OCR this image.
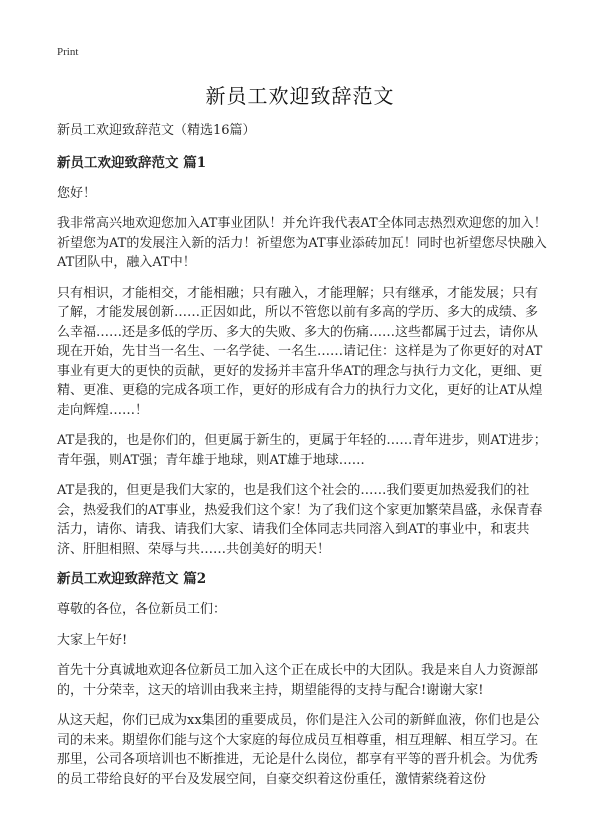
Print
新员工欢迎致辞范文

新员工欢迎致辞范文（精选16篇）

新员工欢迎致辞范文 篇1

您好！

我非常高兴地欢迎您加入AT事业团队！并允许我代表AT全体同志热烈欢迎您的加入！祈望您为AT的发展注入新的活力！祈望您为AT事业添砖加瓦！同时也祈望您尽快融入AT团队中，融入AT中！

只有相识，才能相交，才能相融；只有融入，才能理解；只有继承，才能发展；只有了解，才能发展创新……正因如此，所以不管您以前有多高的学历、多大的成绩、多么幸福……还是多低的学历、多大的失败、多大的伤痛……这些都属于过去，请你从现在开始，先甘当一名生、一名学徒、一名生……请记住：这样是为了你更好的对AT事业有更大的更快的贡献，更好的发扬并丰富升华AT的理念与执行力文化，更细、更精、更准、更稳的完成各项工作，更好的形成有合力的执行力文化，更好的让AT从煌走向辉煌……！

AT是我的，也是你们的，但更属于新生的，更属于年轻的……青年进步，则AT进步；青年强，则AT强；青年雄于地球，则AT雄于地球……

AT是我的，但更是我们大家的，也是我们这个社会的……我们要更加热爱我们的社会，热爱我们的AT事业，热爱我们这个家！为了我们这个家更加繁荣昌盛，永保青春活力，请你、请我、请我们大家、请我们全体同志共同溶入到AT的事业中，和衷共济、肝胆相照、荣辱与共……共创美好的明天！

新员工欢迎致辞范文 篇2

尊敬的各位，各位新员工们：

大家上午好!

首先十分真诚地欢迎各位新员工加入这个正在成长中的大团队。我是来自人力资源部的，十分荣幸，这天的培训由我来主持，期望能得的支持与配合!谢谢大家!

从这天起，你们已成为xx集团的重要成员，你们是注入公司的新鲜血液，你们也是公司的未来。期望你们能与这个大家庭的每位成员互相尊重，相互理解、相互学习。在那里，公司各项培训也不断推进，无论是什么岗位，都享有平等的晋升机会。为优秀的员工带给良好的平台及发展空间，自豪交织着这份重任，激情萦绕着这份
